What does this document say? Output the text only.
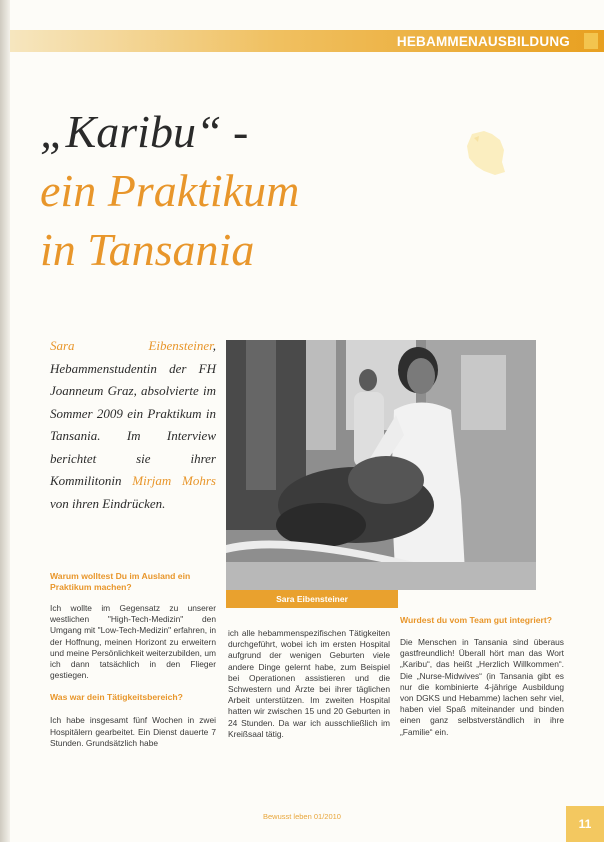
HEBAMMENAUSBILDUNG
„Karibu“ -
ein Praktikum
in Tansania
Sara Eibensteiner, Hebammenstudentin der FH Joanneum Graz, absolvierte im Sommer 2009 ein Praktikum in Tansania. Im Interview berichtet sie ihrer Kommilitonin Mirjam Mohrs von ihren Eindrücken.
Sara Eibensteiner
Warum wolltest Du im Ausland ein Praktikum machen?

Ich wollte im Gegensatz zu unserer westlichen "High-Tech-Medizin" den Umgang mit "Low-Tech-Medizin" erfahren, in der Hoffnung, meinen Horizont zu erweitern und meine Persönlichkeit weiterzubilden, um ich dann tatsächlich in den Flieger gestiegen.

Was war dein Tätigkeitsbereich?

Ich habe insgesamt fünf Wochen in zwei Hospitälern gearbeitet. Ein Dienst dauerte 7 Stunden. Grundsätzlich habe

ich alle hebammenspezifischen Tätigkeiten durchgeführt, wobei ich im ersten Hospital aufgrund der wenigen Geburten viele andere Dinge gelernt habe, zum Beispiel bei Operationen assistieren und die Schwestern und Ärzte bei ihrer täglichen Arbeit unterstützen. Im zweiten Hospital hatten wir zwischen 15 und 20 Geburten in 24 Stunden. Da war ich ausschließlich im Kreißsaal tätig.

Wurdest du vom Team gut integriert?

Die Menschen in Tansania sind überaus gastfreundlich! Überall hört man das Wort „Karibu“, das heißt „Herzlich Willkommen“. Die „Nurse-Midwives“ (in Tansania gibt es nur die kombinierte 4-jährige Ausbildung von DGKS und Hebamme) lachen sehr viel, haben viel Spaß miteinander und binden einen ganz selbstverständlich in ihre „Familie“ ein.

Bewusst leben 01/2010
11
